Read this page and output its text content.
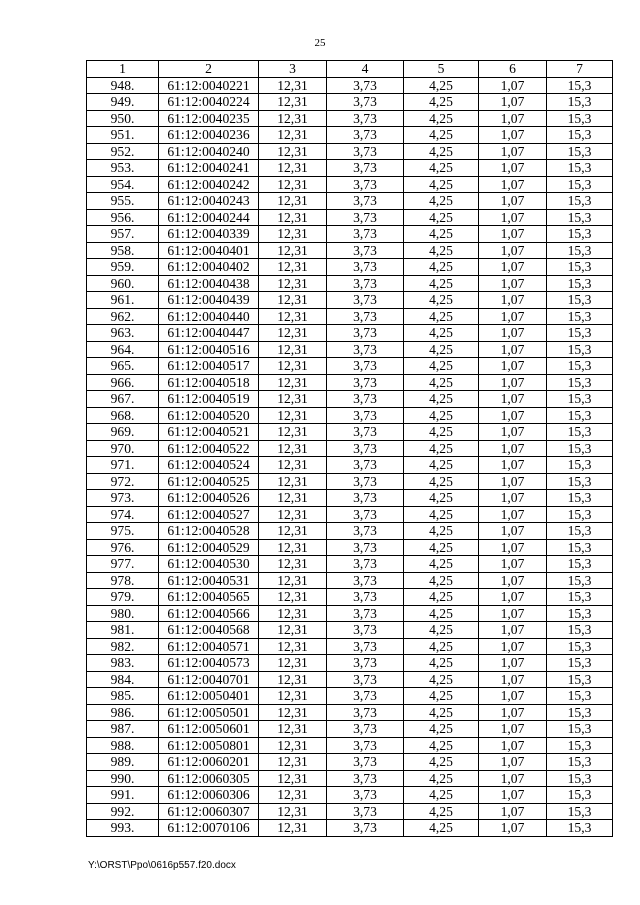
25
1	2	3	4	5	6	7
948.	61:12:0040221	12,31	3,73	4,25	1,07	15,3
949.	61:12:0040224	12,31	3,73	4,25	1,07	15,3
950.	61:12:0040235	12,31	3,73	4,25	1,07	15,3
951.	61:12:0040236	12,31	3,73	4,25	1,07	15,3
952.	61:12:0040240	12,31	3,73	4,25	1,07	15,3
953.	61:12:0040241	12,31	3,73	4,25	1,07	15,3
954.	61:12:0040242	12,31	3,73	4,25	1,07	15,3
955.	61:12:0040243	12,31	3,73	4,25	1,07	15,3
956.	61:12:0040244	12,31	3,73	4,25	1,07	15,3
957.	61:12:0040339	12,31	3,73	4,25	1,07	15,3
958.	61:12:0040401	12,31	3,73	4,25	1,07	15,3
959.	61:12:0040402	12,31	3,73	4,25	1,07	15,3
960.	61:12:0040438	12,31	3,73	4,25	1,07	15,3
961.	61:12:0040439	12,31	3,73	4,25	1,07	15,3
962.	61:12:0040440	12,31	3,73	4,25	1,07	15,3
963.	61:12:0040447	12,31	3,73	4,25	1,07	15,3
964.	61:12:0040516	12,31	3,73	4,25	1,07	15,3
965.	61:12:0040517	12,31	3,73	4,25	1,07	15,3
966.	61:12:0040518	12,31	3,73	4,25	1,07	15,3
967.	61:12:0040519	12,31	3,73	4,25	1,07	15,3
968.	61:12:0040520	12,31	3,73	4,25	1,07	15,3
969.	61:12:0040521	12,31	3,73	4,25	1,07	15,3
970.	61:12:0040522	12,31	3,73	4,25	1,07	15,3
971.	61:12:0040524	12,31	3,73	4,25	1,07	15,3
972.	61:12:0040525	12,31	3,73	4,25	1,07	15,3
973.	61:12:0040526	12,31	3,73	4,25	1,07	15,3
974.	61:12:0040527	12,31	3,73	4,25	1,07	15,3
975.	61:12:0040528	12,31	3,73	4,25	1,07	15,3
976.	61:12:0040529	12,31	3,73	4,25	1,07	15,3
977.	61:12:0040530	12,31	3,73	4,25	1,07	15,3
978.	61:12:0040531	12,31	3,73	4,25	1,07	15,3
979.	61:12:0040565	12,31	3,73	4,25	1,07	15,3
980.	61:12:0040566	12,31	3,73	4,25	1,07	15,3
981.	61:12:0040568	12,31	3,73	4,25	1,07	15,3
982.	61:12:0040571	12,31	3,73	4,25	1,07	15,3
983.	61:12:0040573	12,31	3,73	4,25	1,07	15,3
984.	61:12:0040701	12,31	3,73	4,25	1,07	15,3
985.	61:12:0050401	12,31	3,73	4,25	1,07	15,3
986.	61:12:0050501	12,31	3,73	4,25	1,07	15,3
987.	61:12:0050601	12,31	3,73	4,25	1,07	15,3
988.	61:12:0050801	12,31	3,73	4,25	1,07	15,3
989.	61:12:0060201	12,31	3,73	4,25	1,07	15,3
990.	61:12:0060305	12,31	3,73	4,25	1,07	15,3
991.	61:12:0060306	12,31	3,73	4,25	1,07	15,3
992.	61:12:0060307	12,31	3,73	4,25	1,07	15,3
993.	61:12:0070106	12,31	3,73	4,25	1,07	15,3
Y:\ORST\Ppo\0616p557.f20.docx
